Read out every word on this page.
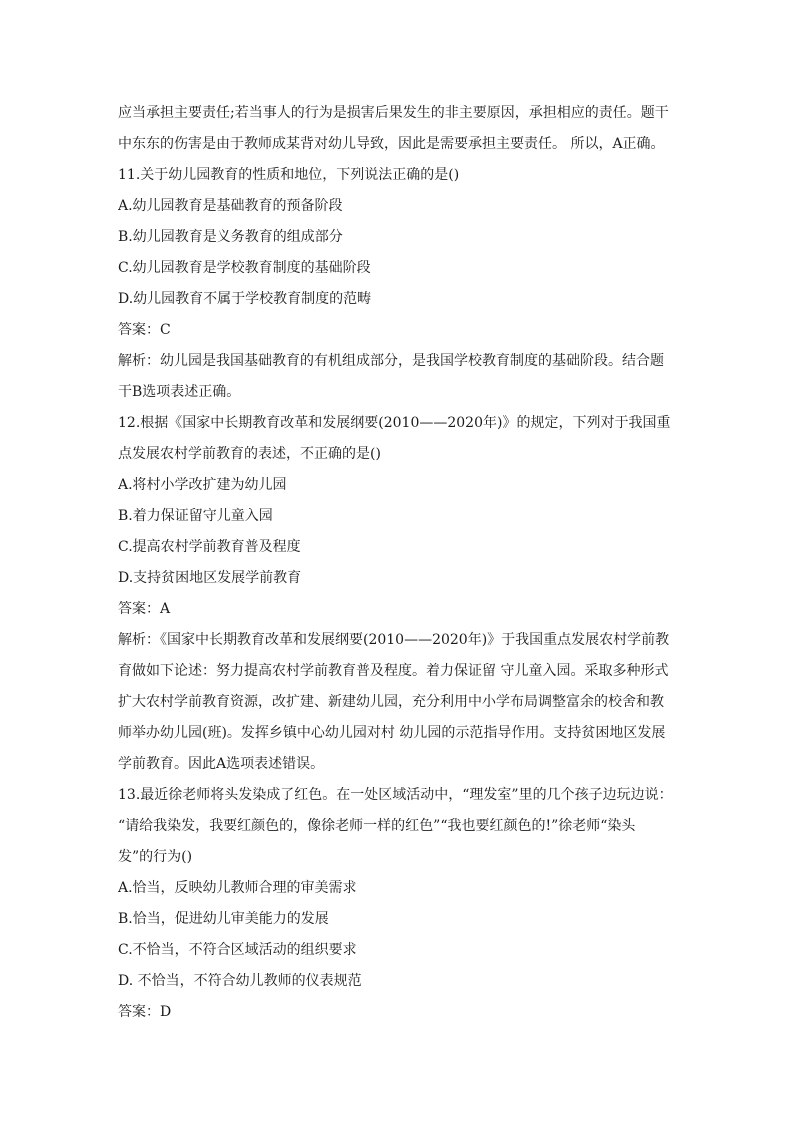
应当承担主要责任;若当事人的行为是损害后果发生的非主要原因，承担相应的责任。题干
中东东的伤害是由于教师成某背对幼儿导致，因此是需要承担主要责任。 所以，A正确。
11.关于幼儿园教育的性质和地位，下列说法正确的是()
A.幼儿园教育是基础教育的预备阶段
B.幼儿园教育是义务教育的组成部分
C.幼儿园教育是学校教育制度的基础阶段
D.幼儿园教育不属于学校教育制度的范畴
答案：C
解析：幼儿园是我国基础教育的有机组成部分，是我国学校教育制度的基础阶段。结合题
干B选项表述正确。
12.根据《国家中长期教育改革和发展纲要(2010——2020年)》的规定，下列对于我国重
点发展农村学前教育的表述，不正确的是()
A.将村小学改扩建为幼儿园
B.着力保证留守儿童入园
C.提高农村学前教育普及程度
D.支持贫困地区发展学前教育
答案：A
解析：《国家中长期教育改革和发展纲要(2010——2020年)》于我国重点发展农村学前教
育做如下论述：努力提高农村学前教育普及程度。着力保证留 守儿童入园。采取多种形式
扩大农村学前教育资源，改扩建、新建幼儿园，充分利用中小学布局调整富余的校舍和教
师举办幼儿园(班)。发挥乡镇中心幼儿园对村 幼儿园的示范指导作用。支持贫困地区发展
学前教育。因此A选项表述错误。
13.最近徐老师将头发染成了红色。在一处区域活动中，“理发室”里的几个孩子边玩边说：
“请给我染发，我要红颜色的，像徐老师一样的红色”“我也要红颜色的!”徐老师“染头
发”的行为()
A.恰当，反映幼儿教师合理的审美需求
B.恰当，促进幼儿审美能力的发展
C.不恰当，不符合区域活动的组织要求
D. 不恰当，不符合幼儿教师的仪表规范
答案：D
